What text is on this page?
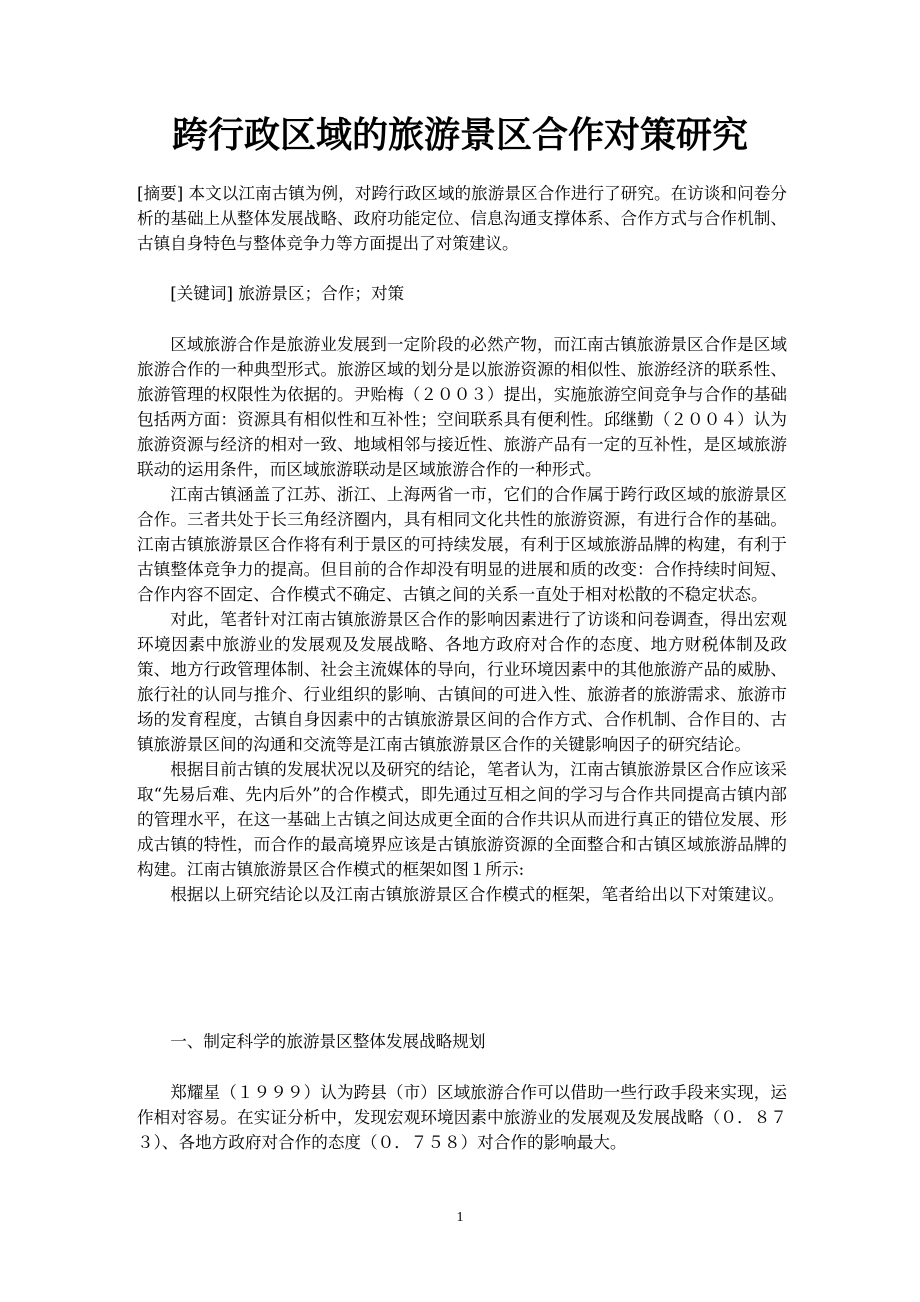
跨行政区域的旅游景区合作对策研究

[摘要] 本文以江南古镇为例，对跨行政区域的旅游景区合作进行了研究。在访谈和问卷分析的基础上从整体发展战略、政府功能定位、信息沟通支撑体系、合作方式与合作机制、古镇自身特色与整体竞争力等方面提出了对策建议。

[关键词] 旅游景区；合作；对策

区域旅游合作是旅游业发展到一定阶段的必然产物，而江南古镇旅游景区合作是区域旅游合作的一种典型形式。旅游区域的划分是以旅游资源的相似性、旅游经济的联系性、旅游管理的权限性为依据的。尹贻梅（２００３）提出，实施旅游空间竞争与合作的基础包括两方面：资源具有相似性和互补性；空间联系具有便利性。邱继勤（２００４）认为旅游资源与经济的相对一致、地域相邻与接近性、旅游产品有一定的互补性，是区域旅游联动的运用条件，而区域旅游联动是区域旅游合作的一种形式。

江南古镇涵盖了江苏、浙江、上海两省一市，它们的合作属于跨行政区域的旅游景区合作。三者共处于长三角经济圈内，具有相同文化共性的旅游资源，有进行合作的基础。江南古镇旅游景区合作将有利于景区的可持续发展，有利于区域旅游品牌的构建，有利于古镇整体竞争力的提高。但目前的合作却没有明显的进展和质的改变：合作持续时间短、合作内容不固定、合作模式不确定、古镇之间的关系一直处于相对松散的不稳定状态。

对此，笔者针对江南古镇旅游景区合作的影响因素进行了访谈和问卷调查，得出宏观环境因素中旅游业的发展观及发展战略、各地方政府对合作的态度、地方财税体制及政策、地方行政管理体制、社会主流媒体的导向，行业环境因素中的其他旅游产品的威胁、旅行社的认同与推介、行业组织的影响、古镇间的可进入性、旅游者的旅游需求、旅游市场的发育程度，古镇自身因素中的古镇旅游景区间的合作方式、合作机制、合作目的、古镇旅游景区间的沟通和交流等是江南古镇旅游景区合作的关键影响因子的研究结论。

根据目前古镇的发展状况以及研究的结论，笔者认为，江南古镇旅游景区合作应该采取“先易后难、先内后外”的合作模式，即先通过互相之间的学习与合作共同提高古镇内部的管理水平，在这一基础上古镇之间达成更全面的合作共识从而进行真正的错位发展、形成古镇的特性，而合作的最高境界应该是古镇旅游资源的全面整合和古镇区域旅游品牌的构建。江南古镇旅游景区合作模式的框架如图１所示:

根据以上研究结论以及江南古镇旅游景区合作模式的框架，笔者给出以下对策建议。

一、制定科学的旅游景区整体发展战略规划

郑耀星（１９９９）认为跨县（市）区域旅游合作可以借助一些行政手段来实现，运作相对容易。在实证分析中，发现宏观环境因素中旅游业的发展观及发展战略（０．８７３）、各地方政府对合作的态度（０．７５８）对合作的影响最大。

1
